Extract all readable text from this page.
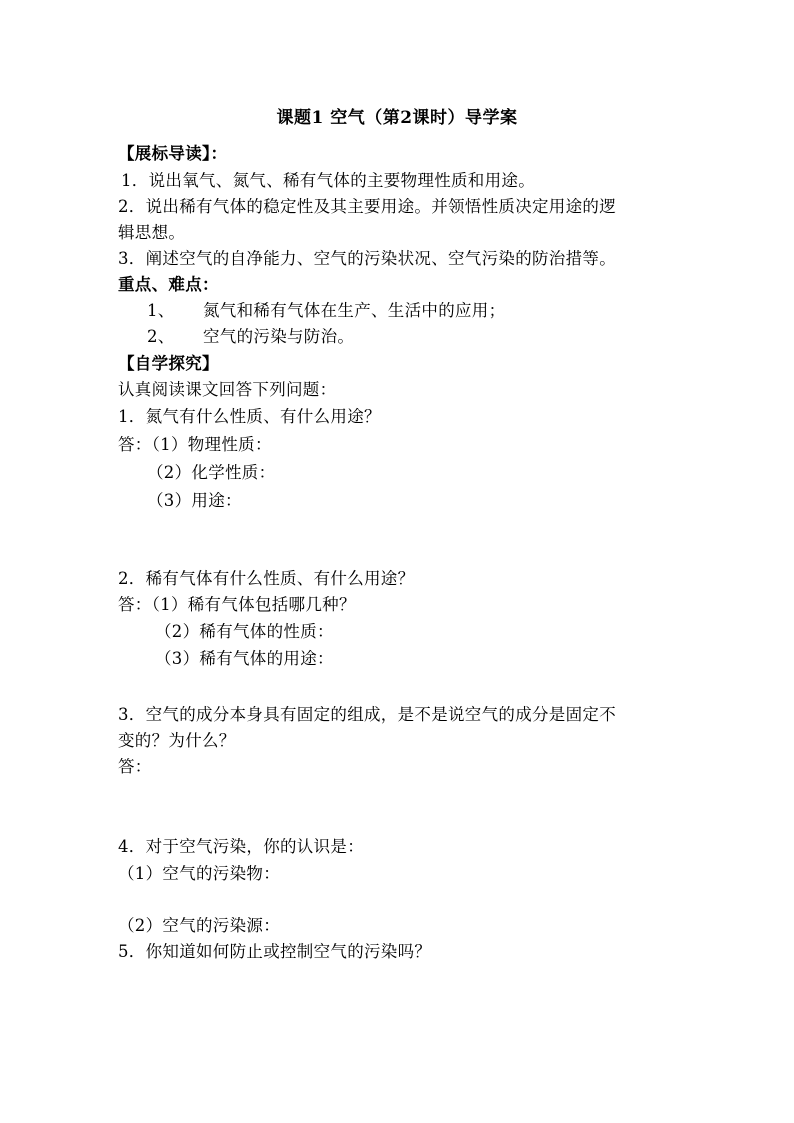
课题1 空气（第2课时）导学案
【展标导读】：
1．说出氧气、氮气、稀有气体的主要物理性质和用途。
2．说出稀有气体的稳定性及其主要用途。并领悟性质决定用途的逻
辑思想。
3．阐述空气的自净能力、空气的污染状况、空气污染的防治措等。
重点、难点：
1、 氮气和稀有气体在生产、生活中的应用；
2、 空气的污染与防治。
【自学探究】
认真阅读课文回答下列问题：
1．氮气有什么性质、有什么用途？
答：（1）物理性质：
（2）化学性质：
（3）用途：
2．稀有气体有什么性质、有什么用途？
答：（1）稀有气体包括哪几种？
（2）稀有气体的性质：
（3）稀有气体的用途：
3．空气的成分本身具有固定的组成，是不是说空气的成分是固定不
变的？为什么？
答：
4．对于空气污染，你的认识是：
（1）空气的污染物：
（2）空气的污染源：
5．你知道如何防止或控制空气的污染吗？
